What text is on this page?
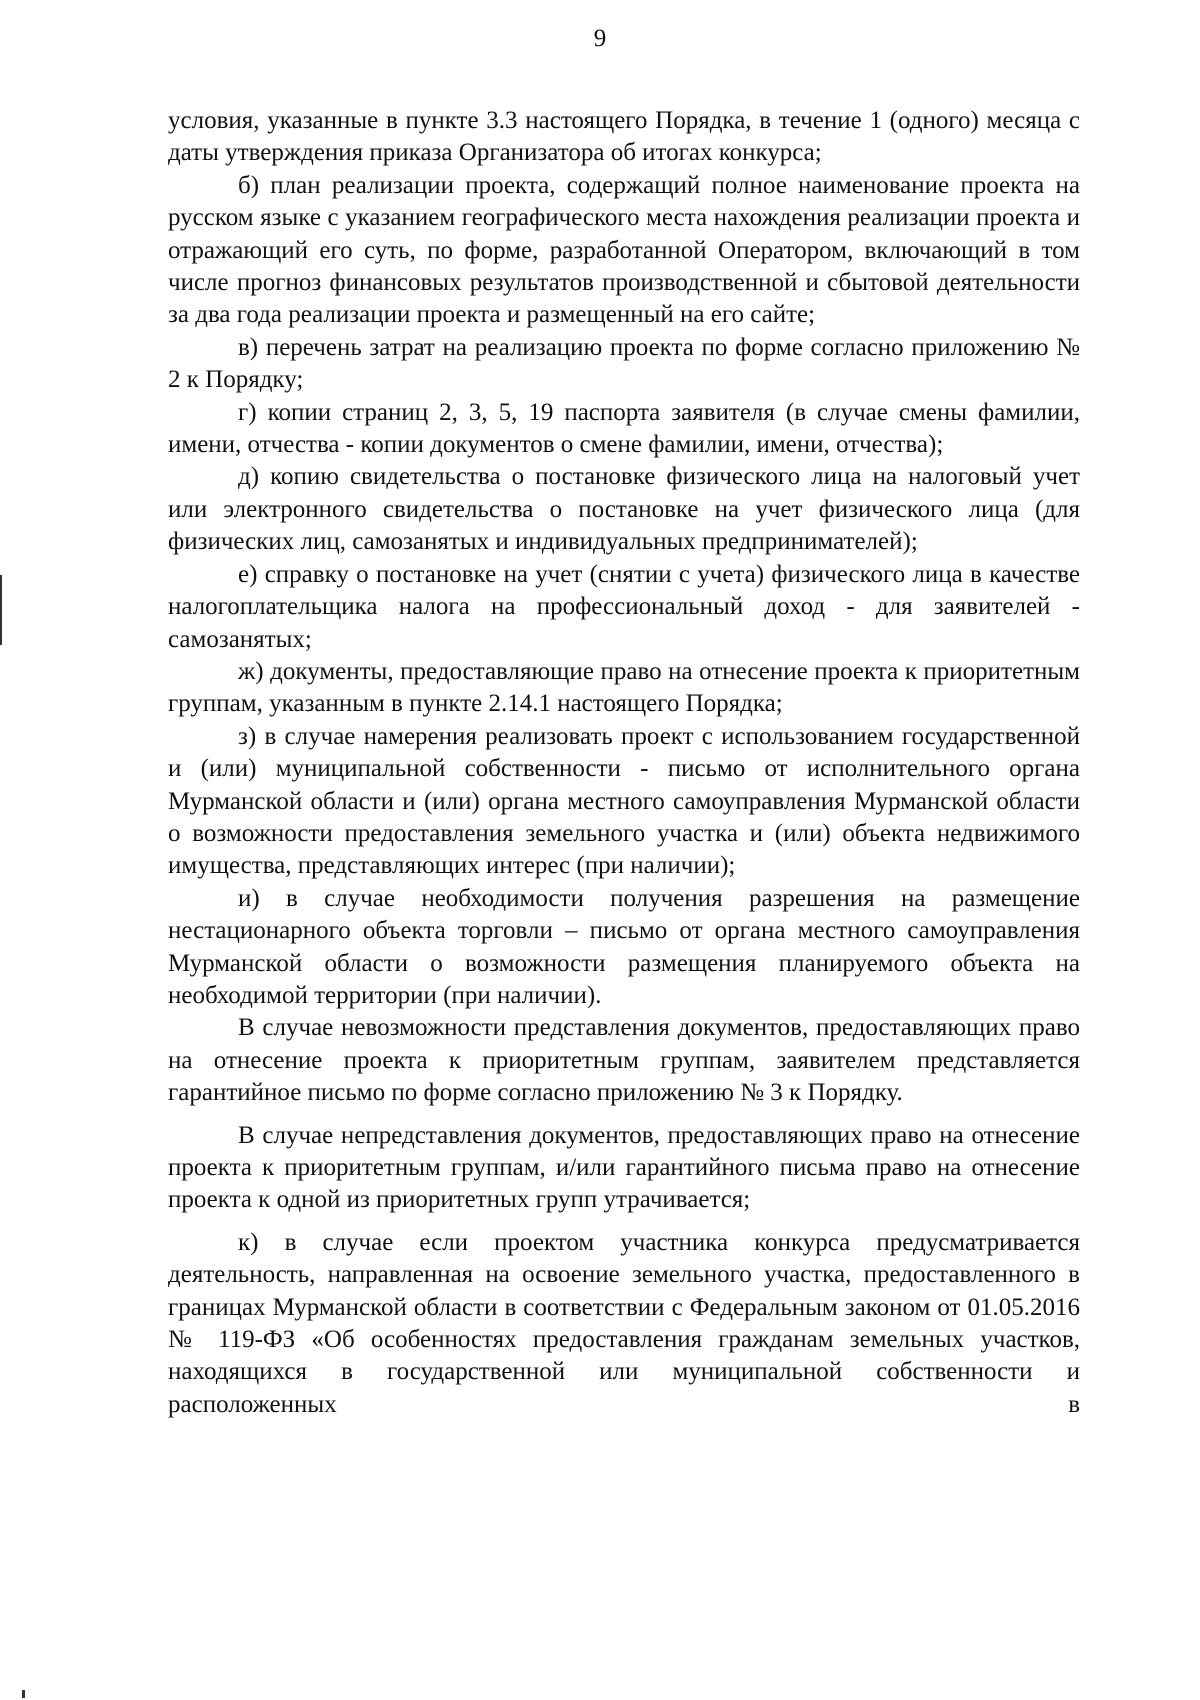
9

условия, указанные в пункте 3.3 настоящего Порядка, в течение 1 (одного) месяца с даты утверждения приказа Организатора об итогах конкурса;

б) план реализации проекта, содержащий полное наименование проекта на русском языке с указанием географического места нахождения реализации проекта и отражающий его суть, по форме, разработанной Оператором, включающий в том числе прогноз финансовых результатов производственной и сбытовой деятельности за два года реализации проекта и размещенный на его сайте;

в) перечень затрат на реализацию проекта по форме согласно приложению № 2 к Порядку;

г) копии страниц 2, 3, 5, 19 паспорта заявителя (в случае смены фамилии, имени, отчества - копии документов о смене фамилии, имени, отчества);

д) копию свидетельства о постановке физического лица на налоговый учет или электронного свидетельства о постановке на учет физического лица (для физических лиц, самозанятых и индивидуальных предпринимателей);

е) справку о постановке на учет (снятии с учета) физического лица в качестве налогоплательщика налога на профессиональный доход - для заявителей - самозанятых;

ж) документы, предоставляющие право на отнесение проекта к приоритетным группам, указанным в пункте 2.14.1 настоящего Порядка;

з) в случае намерения реализовать проект с использованием государственной и (или) муниципальной собственности - письмо от исполнительного органа Мурманской области и (или) органа местного самоуправления Мурманской области о возможности предоставления земельного участка и (или) объекта недвижимого имущества, представляющих интерес (при наличии);

и) в случае необходимости получения разрешения на размещение нестационарного объекта торговли – письмо от органа местного самоуправления Мурманской области о возможности размещения планируемого объекта на необходимой территории (при наличии).

В случае невозможности представления документов, предоставляющих право на отнесение проекта к приоритетным группам, заявителем представляется гарантийное письмо по форме согласно приложению № 3 к Порядку.

В случае непредставления документов, предоставляющих право на отнесение проекта к приоритетным группам, и/или гарантийного письма право на отнесение проекта к одной из приоритетных групп утрачивается;

к) в случае если проектом участника конкурса предусматривается деятельность, направленная на освоение земельного участка, предоставленного в границах Мурманской области в соответствии с Федеральным законом от 01.05.2016 № 119-ФЗ «Об особенностях предоставления гражданам земельных участков, находящихся в государственной или муниципальной собственности и расположенных в
